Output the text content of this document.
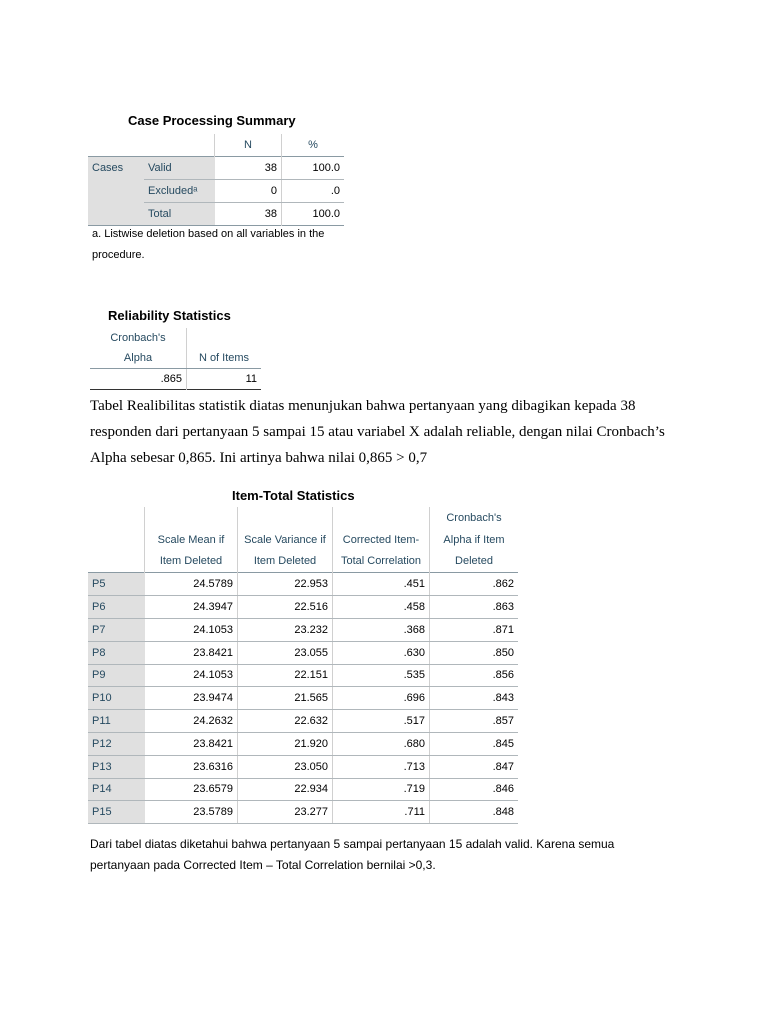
Case Processing Summary
		N	%
Cases	Valid	38	100.0
	Excludedᵃ	0	.0
	Total	38	100.0
a. Listwise deletion based on all variables in the
procedure.
Reliability Statistics
Cronbach's	
Alpha	N of Items
.865	11
Tabel Realibilitas statistik diatas menunjukan bahwa pertanyaan yang dibagikan kepada 38
responden dari pertanyaan 5 sampai 15 atau variabel X adalah reliable, dengan nilai Cronbach’s
Alpha sebesar 0,865. Ini artinya bahwa nilai 0,865 > 0,7
Item-Total Statistics
				Cronbach's
	Scale Mean if	Scale Variance if	Corrected Item-	Alpha if Item
	Item Deleted	Item Deleted	Total Correlation	Deleted
P5	24.5789	22.953	.451	.862
P6	24.3947	22.516	.458	.863
P7	24.1053	23.232	.368	.871
P8	23.8421	23.055	.630	.850
P9	24.1053	22.151	.535	.856
P10	23.9474	21.565	.696	.843
P11	24.2632	22.632	.517	.857
P12	23.8421	21.920	.680	.845
P13	23.6316	23.050	.713	.847
P14	23.6579	22.934	.719	.846
P15	23.5789	23.277	.711	.848
Dari tabel diatas diketahui bahwa pertanyaan 5 sampai pertanyaan 15 adalah valid. Karena semua
pertanyaan pada Corrected Item – Total Correlation bernilai >0,3.
